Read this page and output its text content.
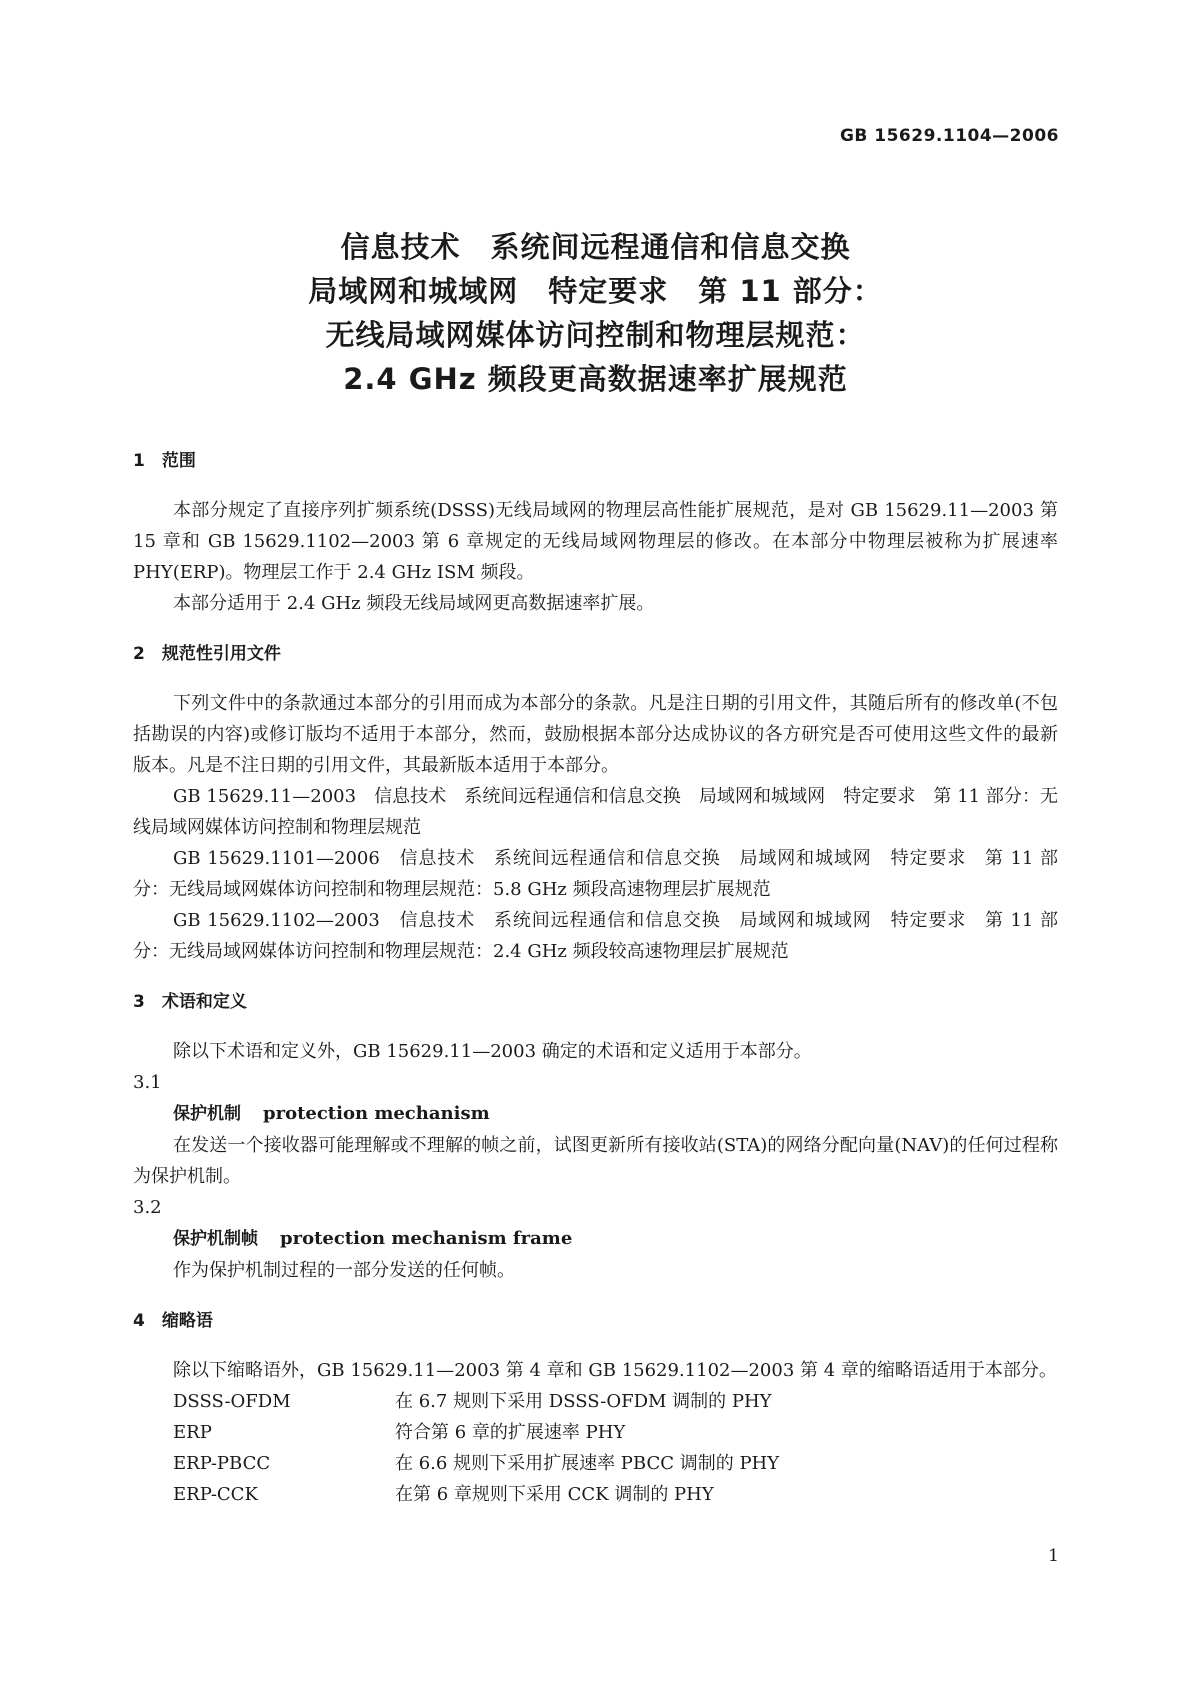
GB 15629.1104—2006

信息技术　系统间远程通信和信息交换
局域网和城域网　特定要求　第 11 部分：
无线局域网媒体访问控制和物理层规范：
2.4 GHz 频段更高数据速率扩展规范

1　范围

本部分规定了直接序列扩频系统(DSSS)无线局域网的物理层高性能扩展规范，是对 GB 15629.11—2003 第 15 章和 GB 15629.1102—2003 第 6 章规定的无线局域网物理层的修改。在本部分中物理层被称为扩展速率 PHY(ERP)。物理层工作于 2.4 GHz ISM 频段。

本部分适用于 2.4 GHz 频段无线局域网更高数据速率扩展。

2　规范性引用文件

下列文件中的条款通过本部分的引用而成为本部分的条款。凡是注日期的引用文件，其随后所有的修改单(不包括勘误的内容)或修订版均不适用于本部分，然而，鼓励根据本部分达成协议的各方研究是否可使用这些文件的最新版本。凡是不注日期的引用文件，其最新版本适用于本部分。

GB 15629.11—2003　信息技术　系统间远程通信和信息交换　局域网和城域网　特定要求　第 11 部分：无线局域网媒体访问控制和物理层规范

GB 15629.1101—2006　信息技术　系统间远程通信和信息交换　局域网和城域网　特定要求　第 11 部分：无线局域网媒体访问控制和物理层规范：5.8 GHz 频段高速物理层扩展规范

GB 15629.1102—2003　信息技术　系统间远程通信和信息交换　局域网和城域网　特定要求　第 11 部分：无线局域网媒体访问控制和物理层规范：2.4 GHz 频段较高速物理层扩展规范

3　术语和定义

除以下术语和定义外，GB 15629.11—2003 确定的术语和定义适用于本部分。

3.1

保护机制 protection mechanism

在发送一个接收器可能理解或不理解的帧之前，试图更新所有接收站(STA)的网络分配向量(NAV)的任何过程称为保护机制。

3.2

保护机制帧 protection mechanism frame

作为保护机制过程的一部分发送的任何帧。

4　缩略语

除以下缩略语外，GB 15629.11—2003 第 4 章和 GB 15629.1102—2003 第 4 章的缩略语适用于本部分。

DSSS-OFDM	在 6.7 规则下采用 DSSS-OFDM 调制的 PHY
ERP	符合第 6 章的扩展速率 PHY
ERP-PBCC	在 6.6 规则下采用扩展速率 PBCC 调制的 PHY
ERP-CCK	在第 6 章规则下采用 CCK 调制的 PHY

1
